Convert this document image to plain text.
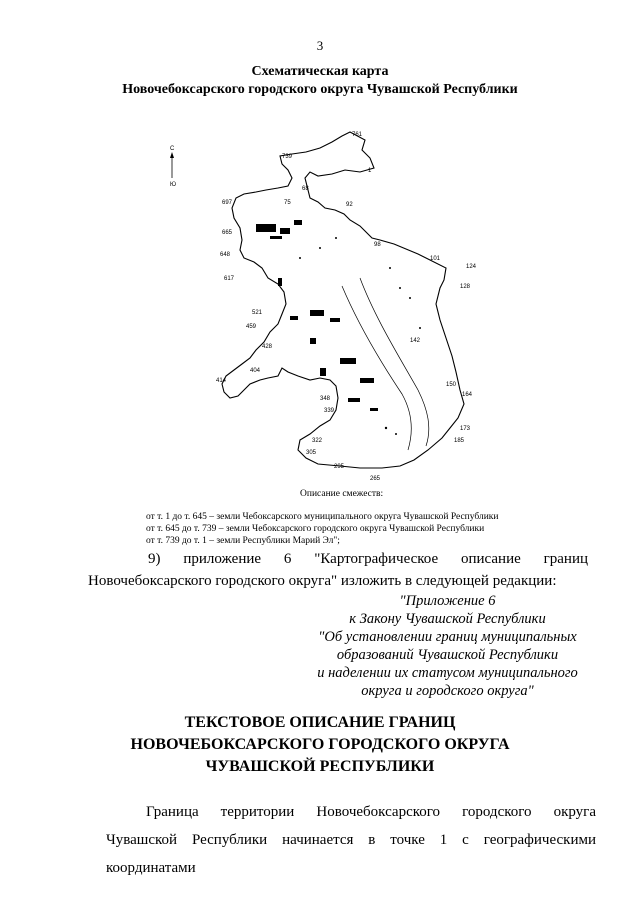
3
Схематическая карта
Новочебоксарского городского округа Чувашской Республики
С
Ю
761
739
1
68
697	75	92
665
98
648
101
124
617
128
521
459
428
142
404
414
150
164
348
339
173
185
322
305
295
265
Описание смежеств:
от т. 1 до т. 645 – земли Чебоксарского муниципального округа Чувашской Республики
от т. 645 до т. 739 – земли Чебоксарского городского округа Чувашской Республики
от т. 739 до т. 1 – земли Республики Марий Эл";
9) приложение 6 "Картографическое описание границ Новочебоксарского городского округа" изложить в следующей редакции:
"Приложение 6
к Закону Чувашской Республики
"Об установлении границ муниципальных
образований Чувашской Республики
и наделении их статусом муниципального
округа и городского округа"
ТЕКСТОВОЕ ОПИСАНИЕ ГРАНИЦ
НОВОЧЕБОКСАРСКОГО ГОРОДСКОГО ОКРУГА
ЧУВАШСКОЙ РЕСПУБЛИКИ
Граница территории Новочебоксарского городского округа Чувашской Республики начинается в точке 1 с географическими координатами
